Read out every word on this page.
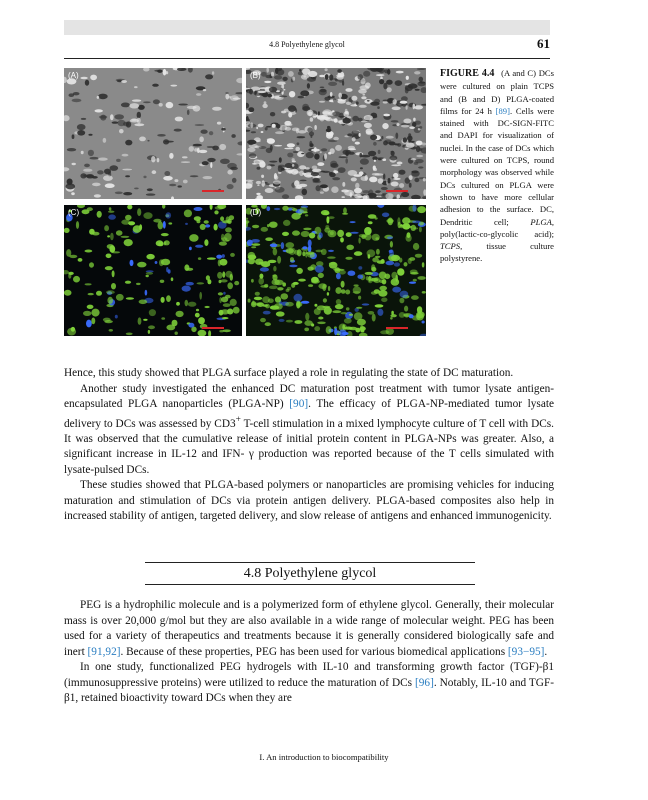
4.8 Polyethylene glycol	61
(A)	(B)
(C)	(D)
FIGURE 4.4 (A and C) DCs were cultured on plain TCPS and (B and D) PLGA-coated films for 24 h [89]. Cells were stained with DC-SIGN-FITC and DAPI for visualization of nuclei. In the case of DCs which were cultured on TCPS, round morphology was observed while DCs cultured on PLGA were shown to have more cellular adhesion to the surface. DC, Dendritic cell; PLGA, poly(lactic-co-glycolic acid); TCPS, tissue culture polystyrene.

Hence, this study showed that PLGA surface played a role in regulating the state of DC maturation.

Another study investigated the enhanced DC maturation post treatment with tumor lysate antigen-encapsulated PLGA nanoparticles (PLGA-NP) [90]. The efficacy of PLGA-NP-mediated tumor lysate delivery to DCs was assessed by CD3+ T-cell stimulation in a mixed lymphocyte culture of T cell with DCs. It was observed that the cumulative release of initial protein content in PLGA-NPs was greater. Also, a significant increase in IL-12 and IFN- γ production was reported because of the T cells simulated with lysate-pulsed DCs.

These studies showed that PLGA-based polymers or nanoparticles are promising vehicles for inducing maturation and stimulation of DCs via protein antigen delivery. PLGA-based composites also help in increased stability of antigen, targeted delivery, and slow release of antigens and enhanced immunogenicity.

4.8 Polyethylene glycol

PEG is a hydrophilic molecule and is a polymerized form of ethylene glycol. Generally, their molecular mass is over 20,000 g/mol but they are also available in a wide range of molecular weight. PEG has been used for a variety of therapeutics and treatments because it is generally considered biologically safe and inert [91,92]. Because of these properties, PEG has been used for various biomedical applications [93−95].

In one study, functionalized PEG hydrogels with IL-10 and transforming growth factor (TGF)-β1 (immunosuppressive proteins) were utilized to reduce the maturation of DCs [96]. Notably, IL-10 and TGF-β1, retained bioactivity toward DCs when they are

I. An introduction to biocompatibility
